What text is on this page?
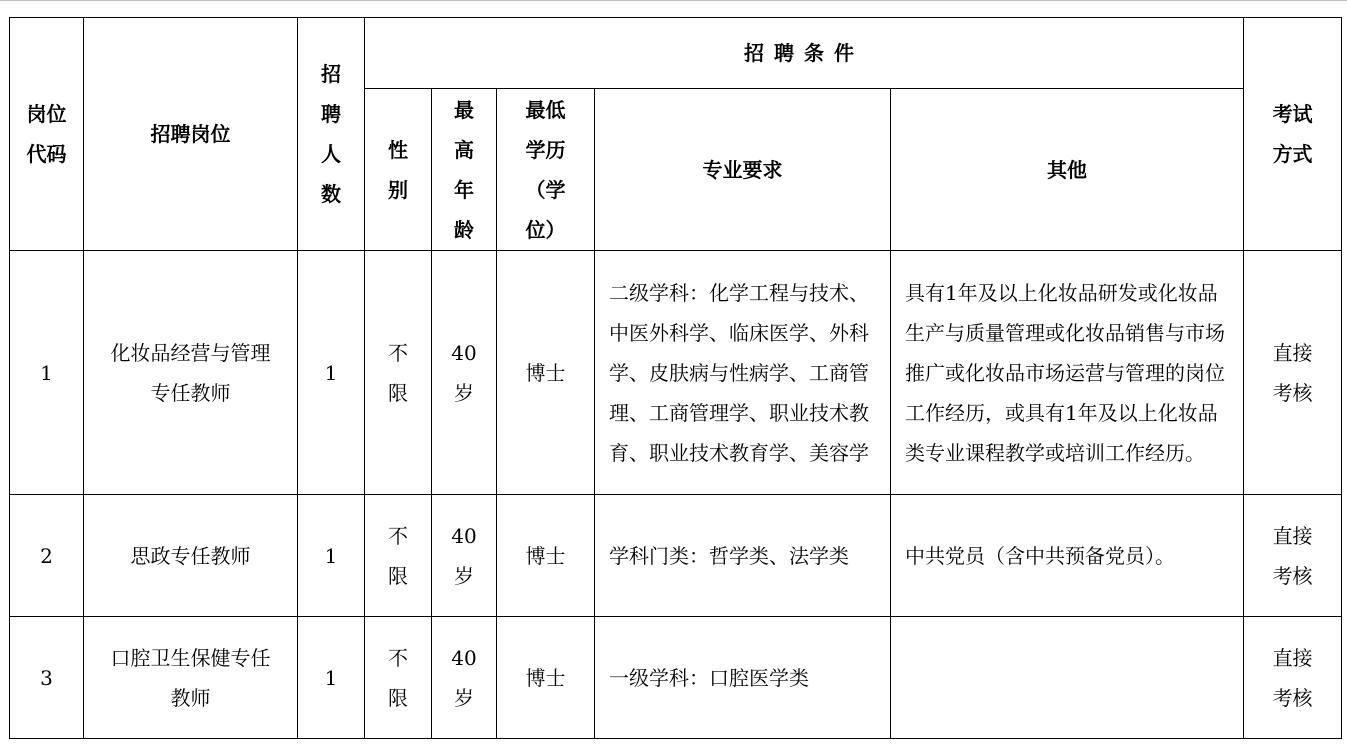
岗位代码	招聘岗位	招聘人数	招聘条件					考试方式
			性别	最高年龄	最低学历（学位）	专业要求	其他	
1	化妆品经营与管理专任教师	1	不限	40岁	博士	二级学科：化学工程与技术、中医外科学、临床医学、外科学、皮肤病与性病学、工商管理、工商管理学、职业技术教育、职业技术教育学、美容学	具有1年及以上化妆品研发或化妆品生产与质量管理或化妆品销售与市场推广或化妆品市场运营与管理的岗位工作经历，或具有1年及以上化妆品类专业课程教学或培训工作经历。	直接考核
2	思政专任教师	1	不限	40岁	博士	学科门类：哲学类、法学类	中共党员（含中共预备党员）。	直接考核
3	口腔卫生保健专任教师	1	不限	40岁	博士	一级学科：口腔医学类		直接考核
